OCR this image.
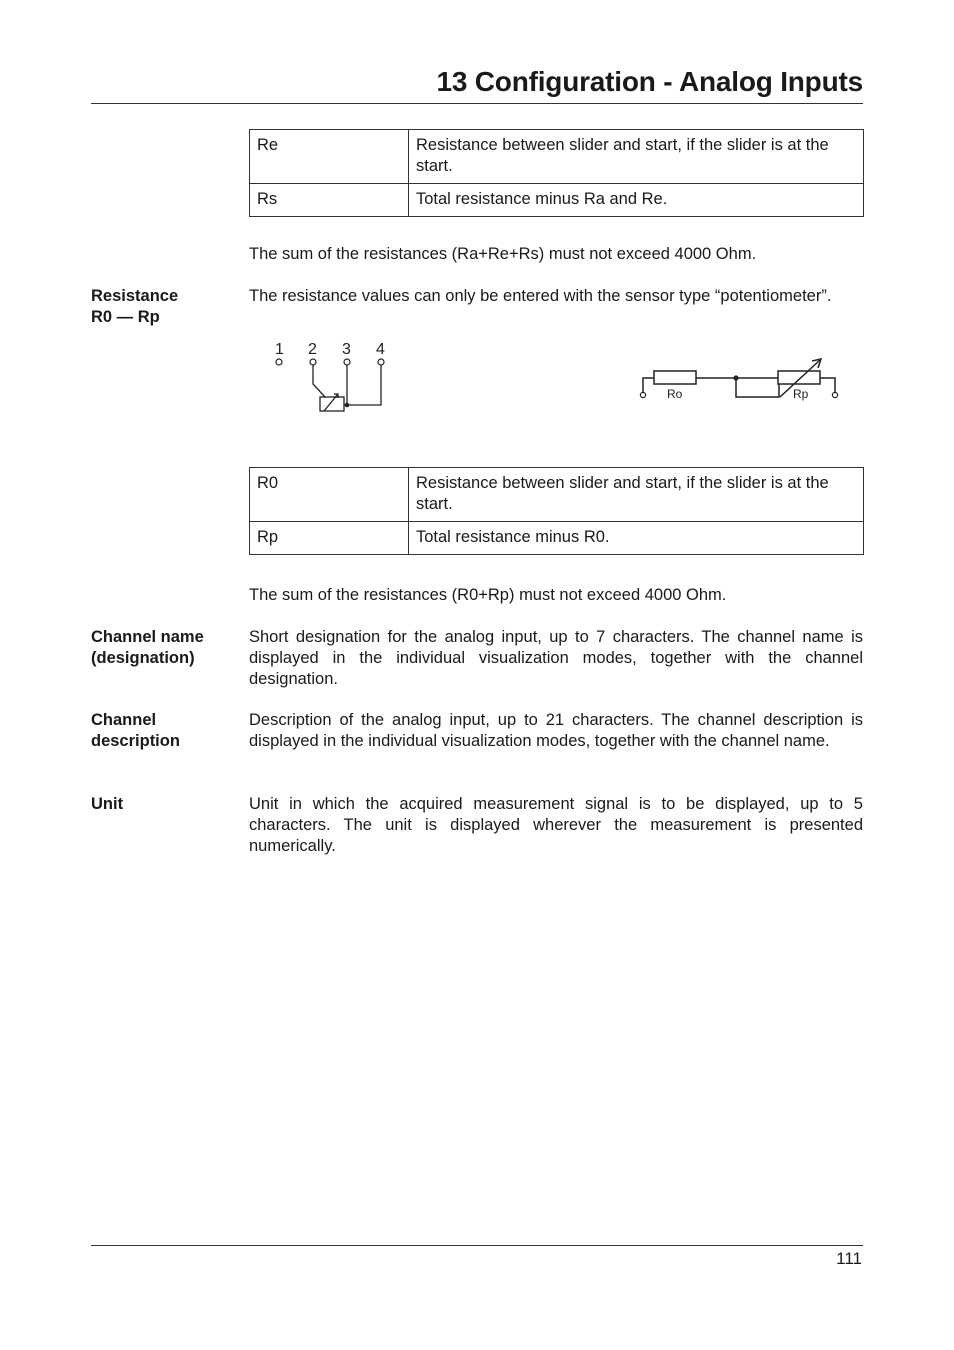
13 Configuration - Analog Inputs
Re	Resistance between slider and start, if the slider is at the start.
Rs	Total resistance minus Ra and Re.

The sum of the resistances (Ra+Re+Rs) must not exceed 4000 Ohm.

Resistance
R0 — Rp

The resistance values can only be entered with the sensor type “potentiometer”.

1 2 3 4
Ro	Rp
R0	Resistance between slider and start, if the slider is at the start.
Rp	Total resistance minus R0.

The sum of the resistances (R0+Rp) must not exceed 4000 Ohm.

Channel name
(designation)

Short designation for the analog input, up to 7 characters. The channel name is displayed in the individual visualization modes, together with the channel designation.

Channel
description

Description of the analog input, up to 21 characters. The channel description is displayed in the individual visualization modes, together with the channel name.

Unit	Unit in which the acquired measurement signal is to be displayed, up to 5 characters. The unit is displayed wherever the measurement is presented numerically.

111
